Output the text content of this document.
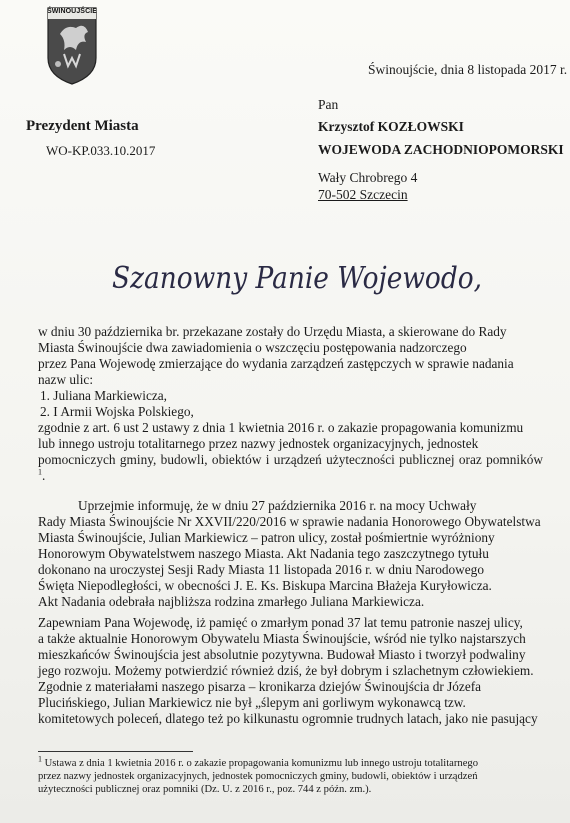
ŚWINOUJŚCIE
Prezydent Miasta
WO-KP.033.10.2017
Świnoujście, dnia 8 listopada 2017 r.
Pan
Krzysztof KOZŁOWSKI
WOJEWODA ZACHODNIOPOMORSKI
Wały Chrobrego 4
70-502 Szczecin
Szanowny Panie Wojewodo,
w dniu 30 października br. przekazane zostały do Urzędu Miasta, a skierowane do Rady
Miasta Świnoujście dwa zawiadomienia o wszczęciu postępowania nadzorczego
przez Pana Wojewodę zmierzające do wydania zarządzeń zastępczych w sprawie nadania
nazw ulic:
1. Juliana Markiewicza,
2. I Armii Wojska Polskiego,
zgodnie z art. 6 ust 2 ustawy z dnia 1 kwietnia 2016 r. o zakazie propagowania komunizmu
lub innego ustroju totalitarnego przez nazwy jednostek organizacyjnych, jednostek
pomocniczych gminy, budowli, obiektów i urządzeń użyteczności publicznej oraz pomników $^1$.
Uprzejmie informuję, że w dniu 27 października 2016 r. na mocy Uchwały
Rady Miasta Świnoujście Nr XXVII/220/2016 w sprawie nadania Honorowego Obywatelstwa
Miasta Świnoujście, Julian Markiewicz – patron ulicy, został pośmiertnie wyróżniony
Honorowym Obywatelstwem naszego Miasta. Akt Nadania tego zaszczytnego tytułu
dokonano na uroczystej Sesji Rady Miasta 11 listopada 2016 r. w dniu Narodowego
Święta Niepodległości, w obecności J. E. Ks. Biskupa Marcina Błażeja Kuryłowicza.
Akt Nadania odebrała najbliższa rodzina zmarłego Juliana Markiewicza.
Zapewniam Pana Wojewodę, iż pamięć o zmarłym ponad 37 lat temu patronie naszej ulicy,
a także aktualnie Honorowym Obywatelu Miasta Świnoujście, wśród nie tylko najstarszych
mieszkańców Świnoujścia jest absolutnie pozytywna. Budował Miasto i tworzył podwaliny
jego rozwoju. Możemy potwierdzić również dziś, że był dobrym i szlachetnym człowiekiem.
Zgodnie z materiałami naszego pisarza – kronikarza dziejów Świnoujścia dr Józefa
Plucińskiego, Julian Markiewicz nie był „ślepym ani gorliwym wykonawcą tzw.
komitetowych poleceń, dlatego też po kilkunastu ogromnie trudnych latach, jako nie pasujący
$^1$ Ustawa z dnia 1 kwietnia 2016 r. o zakazie propagowania komunizmu lub innego ustroju totalitarnego
przez nazwy jednostek organizacyjnych, jednostek pomocniczych gminy, budowli, obiektów i urządzeń
użyteczności publicznej oraz pomniki (Dz. U. z 2016 r., poz. 744 z późn. zm.).
